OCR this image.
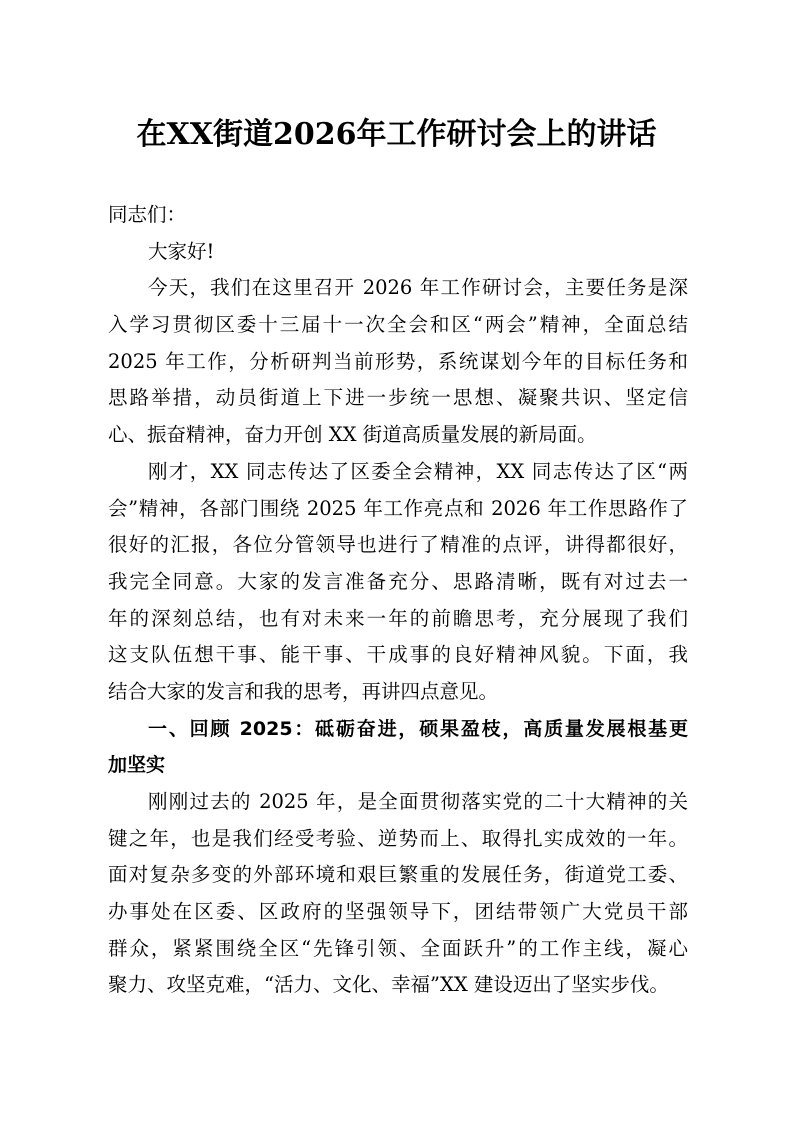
在XX街道2026年工作研讨会上的讲话
同志们：
大家好!
今天，我们在这里召开 2026 年工作研讨会，主要任务是深
入学习贯彻区委十三届十一次全会和区“两会”精神，全面总结
2025 年工作，分析研判当前形势，系统谋划今年的目标任务和
思路举措，动员街道上下进一步统一思想、凝聚共识、坚定信
心、振奋精神，奋力开创 XX 街道高质量发展的新局面。
刚才，XX 同志传达了区委全会精神，XX 同志传达了区“两
会”精神，各部门围绕 2025 年工作亮点和 2026 年工作思路作了
很好的汇报，各位分管领导也进行了精准的点评，讲得都很好，
我完全同意。大家的发言准备充分、思路清晰，既有对过去一
年的深刻总结，也有对未来一年的前瞻思考，充分展现了我们
这支队伍想干事、能干事、干成事的良好精神风貌。下面，我
结合大家的发言和我的思考，再讲四点意见。
一、回顾 2025：砥砺奋进，硕果盈枝，高质量发展根基更
加坚实
刚刚过去的 2025 年，是全面贯彻落实党的二十大精神的关
键之年，也是我们经受考验、逆势而上、取得扎实成效的一年。
面对复杂多变的外部环境和艰巨繁重的发展任务，街道党工委、
办事处在区委、区政府的坚强领导下，团结带领广大党员干部
群众，紧紧围绕全区“先锋引领、全面跃升”的工作主线，凝心
聚力、攻坚克难，“活力、文化、幸福”XX 建设迈出了坚实步伐。
